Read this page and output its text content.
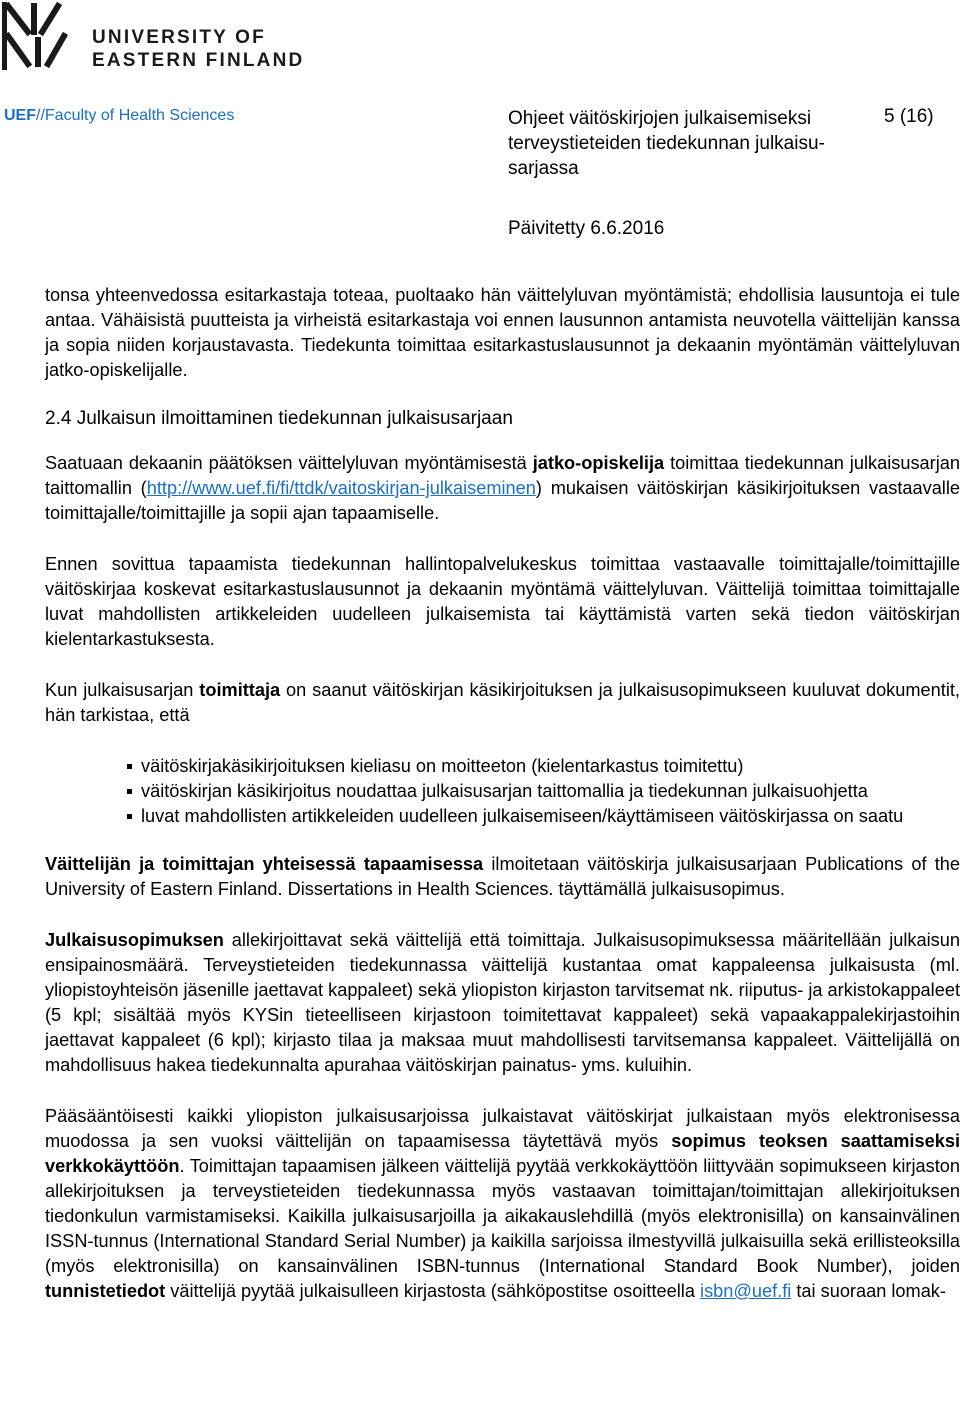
UNIVERSITY OF
EASTERN FINLAND
UEF//Faculty of Health Sciences	Ohjeet väitöskirjojen julkaisemiseksi terveystieteiden tiedekunnan julkaisu- sarjassa
5 (16)
Päivitetty 6.6.2016

tonsa yhteenvedossa esitarkastaja toteaa, puoltaako hän väittelyluvan myöntämistä; ehdollisia lausuntoja ei tule antaa. Vähäisistä puutteista ja virheistä esitarkastaja voi ennen lausunnon antamista neuvotella väittelijän kanssa ja sopia niiden korjaustavasta. Tiedekunta toimittaa esitarkastuslausunnot ja dekaanin myöntämän väittelyluvan jatko-opiskelijalle.

2.4 Julkaisun ilmoittaminen tiedekunnan julkaisusarjaan

Saatuaan dekaanin päätöksen väittelyluvan myöntämisestä jatko-opiskelija toimittaa tiedekunnan julkaisusarjan taittomallin (http://www.uef.fi/fi/ttdk/vaitoskirjan-julkaiseminen) mukaisen väitöskirjan käsikirjoituksen vastaavalle toimittajalle/toimittajille ja sopii ajan tapaamiselle.

Ennen sovittua tapaamista tiedekunnan hallintopalvelukeskus toimittaa vastaavalle toimittajalle/toimittajille väitöskirjaa koskevat esitarkastuslausunnot ja dekaanin myöntämä väittelyluvan. Väittelijä toimittaa toimittajalle luvat mahdollisten artikkeleiden uudelleen julkaisemista tai käyttämistä varten sekä tiedon väitöskirjan kielentarkastuksesta.

Kun julkaisusarjan toimittaja on saanut väitöskirjan käsikirjoituksen ja julkaisusopimukseen kuuluvat dokumentit, hän tarkistaa, että

väitöskirjakäsikirjoituksen kieliasu on moitteeton (kielentarkastus toimitettu)
väitöskirjan käsikirjoitus noudattaa julkaisusarjan taittomallia ja tiedekunnan julkaisuohjetta
luvat mahdollisten artikkeleiden uudelleen julkaisemiseen/käyttämiseen väitöskirjassa on saatu

Väittelijän ja toimittajan yhteisessä tapaamisessa ilmoitetaan väitöskirja julkaisusarjaan Publications of the University of Eastern Finland. Dissertations in Health Sciences. täyttämällä julkaisusopimus.

Julkaisusopimuksen allekirjoittavat sekä väittelijä että toimittaja. Julkaisusopimuksessa määritellään julkaisun ensipainosmäärä. Terveystieteiden tiedekunnassa väittelijä kustantaa omat kappaleensa julkaisusta (ml. yliopistoyhteisön jäsenille jaettavat kappaleet) sekä yliopiston kirjaston tarvitsemat nk. riiputus- ja arkistokappaleet (5 kpl; sisältää myös KYSin tieteelliseen kirjastoon toimitettavat kappaleet) sekä vapaakappalekirjastoihin jaettavat kappaleet (6 kpl); kirjasto tilaa ja maksaa muut mahdollisesti tarvitsemansa kappaleet. Väittelijällä on mahdollisuus hakea tiedekunnalta apurahaa väitöskirjan painatus- yms. kuluihin.

Pääsääntöisesti kaikki yliopiston julkaisusarjoissa julkaistavat väitöskirjat julkaistaan myös elektronisessa muodossa ja sen vuoksi väittelijän on tapaamisessa täytettävä myös sopimus teoksen saattamiseksi verkkokäyttöön. Toimittajan tapaamisen jälkeen väittelijä pyytää verkkokäyttöön liittyvään sopimukseen kirjaston allekirjoituksen ja terveystieteiden tiedekunnassa myös vastaavan toimittajan/toimittajan allekirjoituksen tiedonkulun varmistamiseksi. Kaikilla julkaisusarjoilla ja aikakauslehdillä (myös elektronisilla) on kansainvälinen ISSN-tunnus (International Standard Serial Number) ja kaikilla sarjoissa ilmestyvillä julkaisuilla sekä erillisteoksilla (myös elektronisilla) on kansainvälinen ISBN-tunnus (International Standard Book Number), joiden tunnistetiedot väittelijä pyytää julkaisulleen kirjastosta (sähköpostitse osoitteella isbn@uef.fi tai suoraan lomak-
